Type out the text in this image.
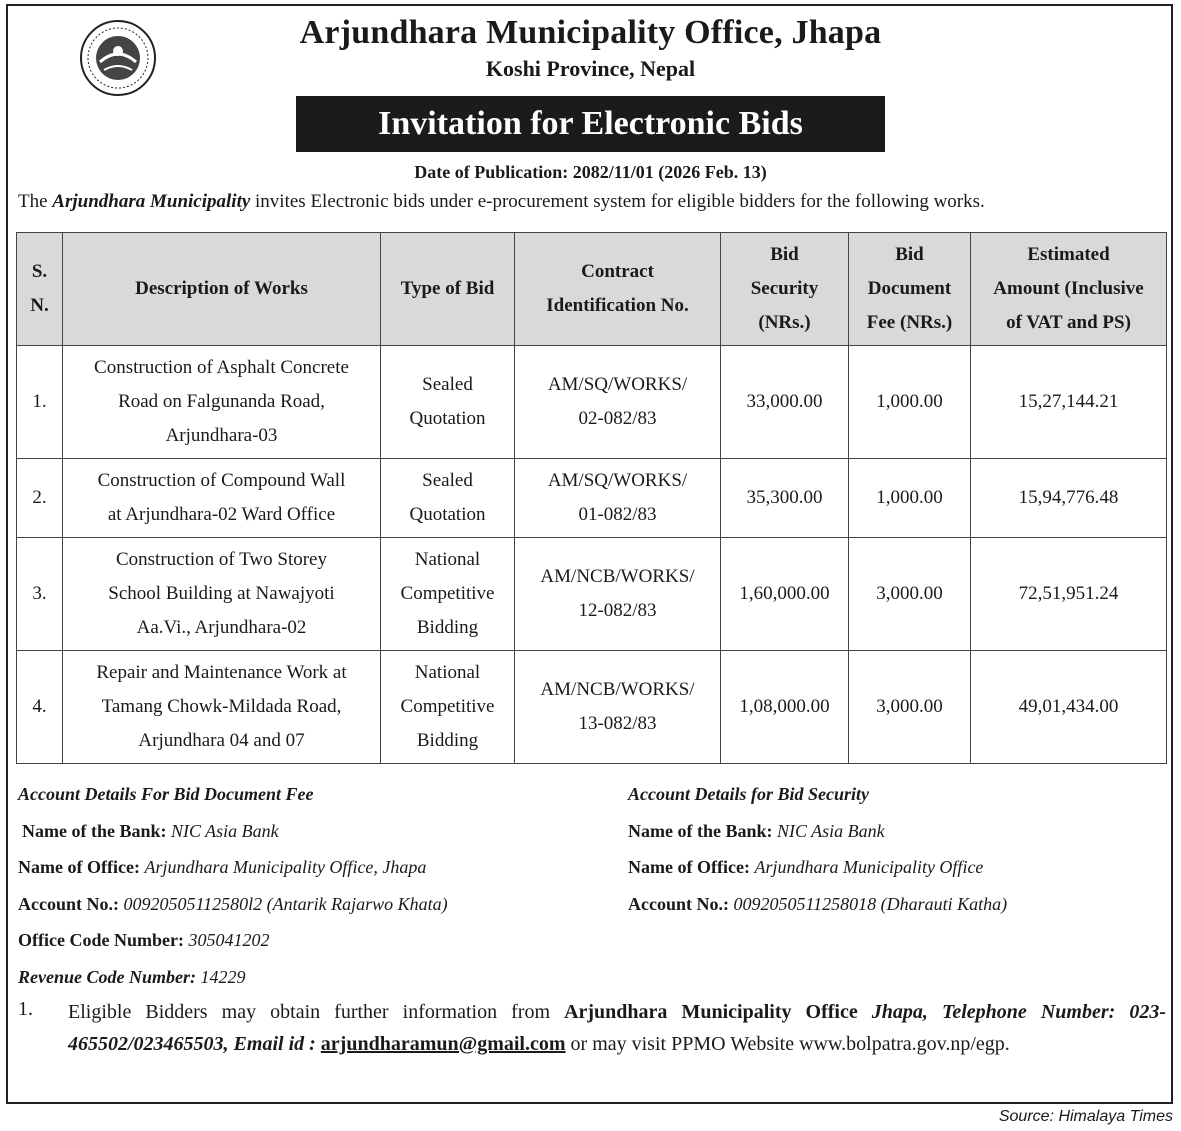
Arjundhara Municipality Office, Jhapa
Koshi Province, Nepal
Invitation for Electronic Bids
Date of Publication: 2082/11/01 (2026 Feb. 13)
The Arjundhara Municipality invites Electronic bids under e-procurement system for eligible bidders for the following works.
S.
N.	Description of Works	Type of Bid	Contract
Identification No.	Bid
Security
(NRs.)	Bid
Document
Fee (NRs.)	Estimated
Amount (Inclusive
of VAT and PS)
1.	Construction of Asphalt Concrete
Road on Falgunanda Road,
Arjundhara-03	Sealed
Quotation	AM/SQ/WORKS/
02-082/83	33,000.00	1,000.00	15,27,144.21
2.	Construction of Compound Wall
at Arjundhara-02 Ward Office	Sealed
Quotation	AM/SQ/WORKS/
01-082/83	35,300.00	1,000.00	15,94,776.48
3.	Construction of Two Storey
School Building at Nawajyoti
Aa.Vi., Arjundhara-02	National
Competitive
Bidding	AM/NCB/WORKS/
12-082/83	1,60,000.00	3,000.00	72,51,951.24
4.	Repair and Maintenance Work at
Tamang Chowk-Mildada Road,
Arjundhara 04 and 07	National
Competitive
Bidding	AM/NCB/WORKS/
13-082/83	1,08,000.00	3,000.00	49,01,434.00
Account Details For Bid Document Fee
Name of the Bank: NIC Asia Bank
Name of Office: Arjundhara Municipality Office, Jhapa
Account No.: 00920505112580l2 (Antarik Rajarwo Khata)
Office Code Number: 305041202
Revenue Code Number: 14229
Account Details for Bid Security
Name of the Bank: NIC Asia Bank
Name of Office: Arjundhara Municipality Office
Account No.: 0092050511258018 (Dharauti Katha)
1. Eligible Bidders may obtain further information from Arjundhara Municipality Office Jhapa, Telephone Number: 023-465502/023465503, Email id : arjundharamun@gmail.com or may visit PPMO Website www.bolpatra.gov.np/egp.
Source: Himalaya Times
